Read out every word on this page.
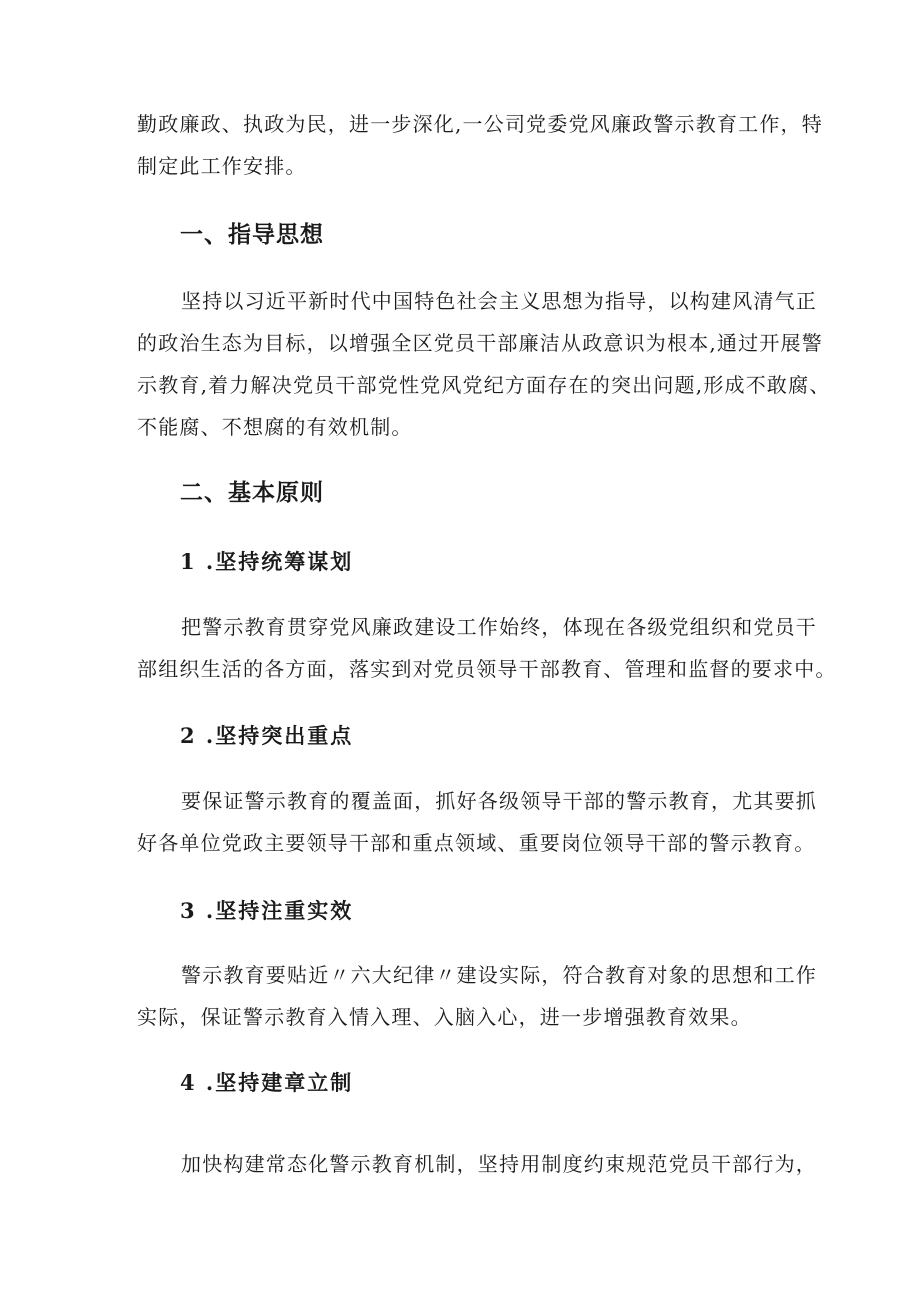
勤政廉政、执政为民，进一步深化,一公司党委党风廉政警示教育工作，特
制定此工作安排。

一、指导思想

坚持以习近平新时代中国特色社会主义思想为指导，以构建风清气正
的政治生态为目标，以增强全区党员干部廉洁从政意识为根本,通过开展警
示教育,着力解决党员干部党性党风党纪方面存在的突出问题,形成不敢腐、
不能腐、不想腐的有效机制。

二、基本原则
1 .坚持统筹谋划

把警示教育贯穿党风廉政建设工作始终，体现在各级党组织和党员干
部组织生活的各方面，落实到对党员领导干部教育、管理和监督的要求中。

2 .坚持突出重点

要保证警示教育的覆盖面，抓好各级领导干部的警示教育，尤其要抓
好各单位党政主要领导干部和重点领域、重要岗位领导干部的警示教育。

3 .坚持注重实效

警示教育要贴近〃六大纪律〃建设实际，符合教育对象的思想和工作
实际，保证警示教育入情入理、入脑入心，进一步增强教育效果。

4 .坚持建章立制

加快构建常态化警示教育机制，坚持用制度约束规范党员干部行为，
